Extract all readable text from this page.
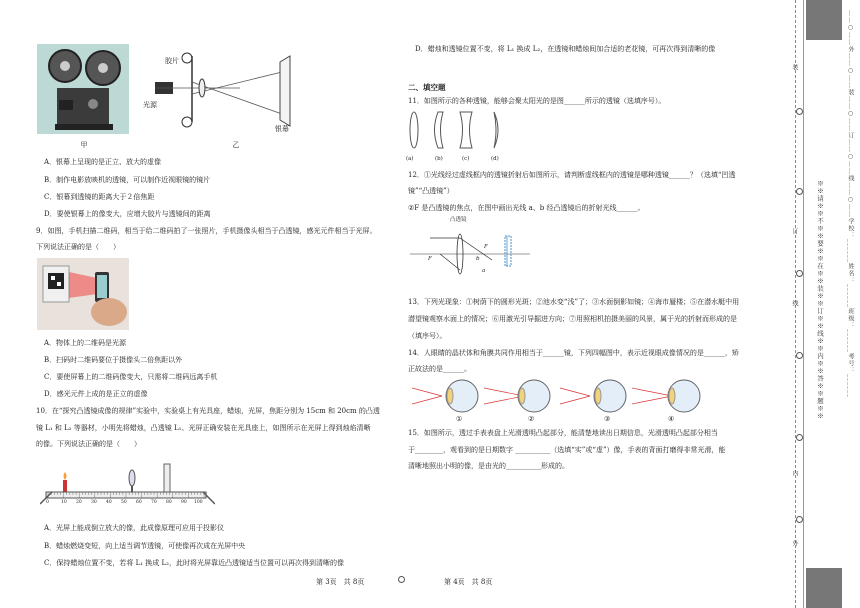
甲
胶片
光源
银幕
乙
A．银幕上呈现的是正立、放大的虚像
B．制作电影放映机的透镜，可以制作近视眼镜的镜片
C．银幕到透镜的距离大于２倍焦距
D．要使银幕上的像变大，应增大胶片与透镜间的距离
9．如图，手机扫描二维码，相当于给二维码拍了一张照片，手机摄像头相当于凸透镜，感光元件相当于光屏。
下列说法正确的是（　　）
A．物体上的二维码是光源
B．扫码时二维码要位于摄像头二倍焦距以外
C．要使屏幕上的二维码像变大，只需将二维码远离手机
D．感光元件上成的是正立的虚像
10．在“探究凸透镜成像的规律”实验中，实验桌上有光具座，蜡烛，光屏，焦距分别为 15cm 和 20cm 的凸透
镜 L₁ 和 L₂ 等器材，小明先将蜡烛，凸透镜 L₁、光屏正确安装在光具座上，如图所示在光屏上得到烛焰清晰
的像。下列说法正确的是（　　）
0	10 20 30 40 50 60 70 80 90 100
A．光屏上能成倒立放大的像，此成像原理可应用于投影仪
B．蜡烛燃烧变短，向上适当调节透镜，可使像再次成在光屏中央
C．保持蜡烛位置不变，若将 L₁ 换成 L₂，此时将光屏靠近凸透镜适当位置可以再次得到清晰的像
第 3页　共 8页
D．蜡烛和透镜位置不变，将 L₁ 换成 L₂，在透镜和蜡烛间加合适的老花镜，可再次得到清晰的像
二、填空题
11．如图所示的各种透镜，能够会聚太阳光的是图______所示的透镜（选填序号）。
(a)	(b)	(c)	(d)
12．①光线经过虚线框内的透镜折射后如图所示，请判断虚线框内的透镜是哪种透镜______？（选填“凹透
镜”“凸透镜”）
②F 是凸透镜的焦点，在图中画出光线 a、b 经凸透镜后的折射光线______。
凸透镜
F
F
a
b
13．下列光现象：①树荫下的圆形光斑；②池水变“浅”了；③水面倒影如镜；④海市蜃楼；⑤在潜水艇中用
潜望镜观察水面上的情况；⑥用激光引导掘进方向；⑦用照相机拍摄美丽的风景，属于光的折射而形成的是
（填序号）。
14．人眼睛的晶状体和角膜共同作用相当于______镜，下列四幅图中，表示近视眼成像情况的是______，矫
正故法的是______。
①	②	③	④
15．如图所示，透过手表表盘上光滑透明凸起部分，能清楚地读出日期信息，光滑透明凸起部分相当
于________，观看到的是日期数字 __________（选填“实”或“虚”）像，手表的背面打磨得非常光滑，能
清晰地照出小明的像，是由光的__________形成的。
第 4页　共 8页
※※请※※不※※要※※在※※装※※订※※线※※内※※答※※题※※	……○……外……○……装……○……订……○……线……○……学校：______姓名：______班级：______考号：______
装
订
线
内
外
